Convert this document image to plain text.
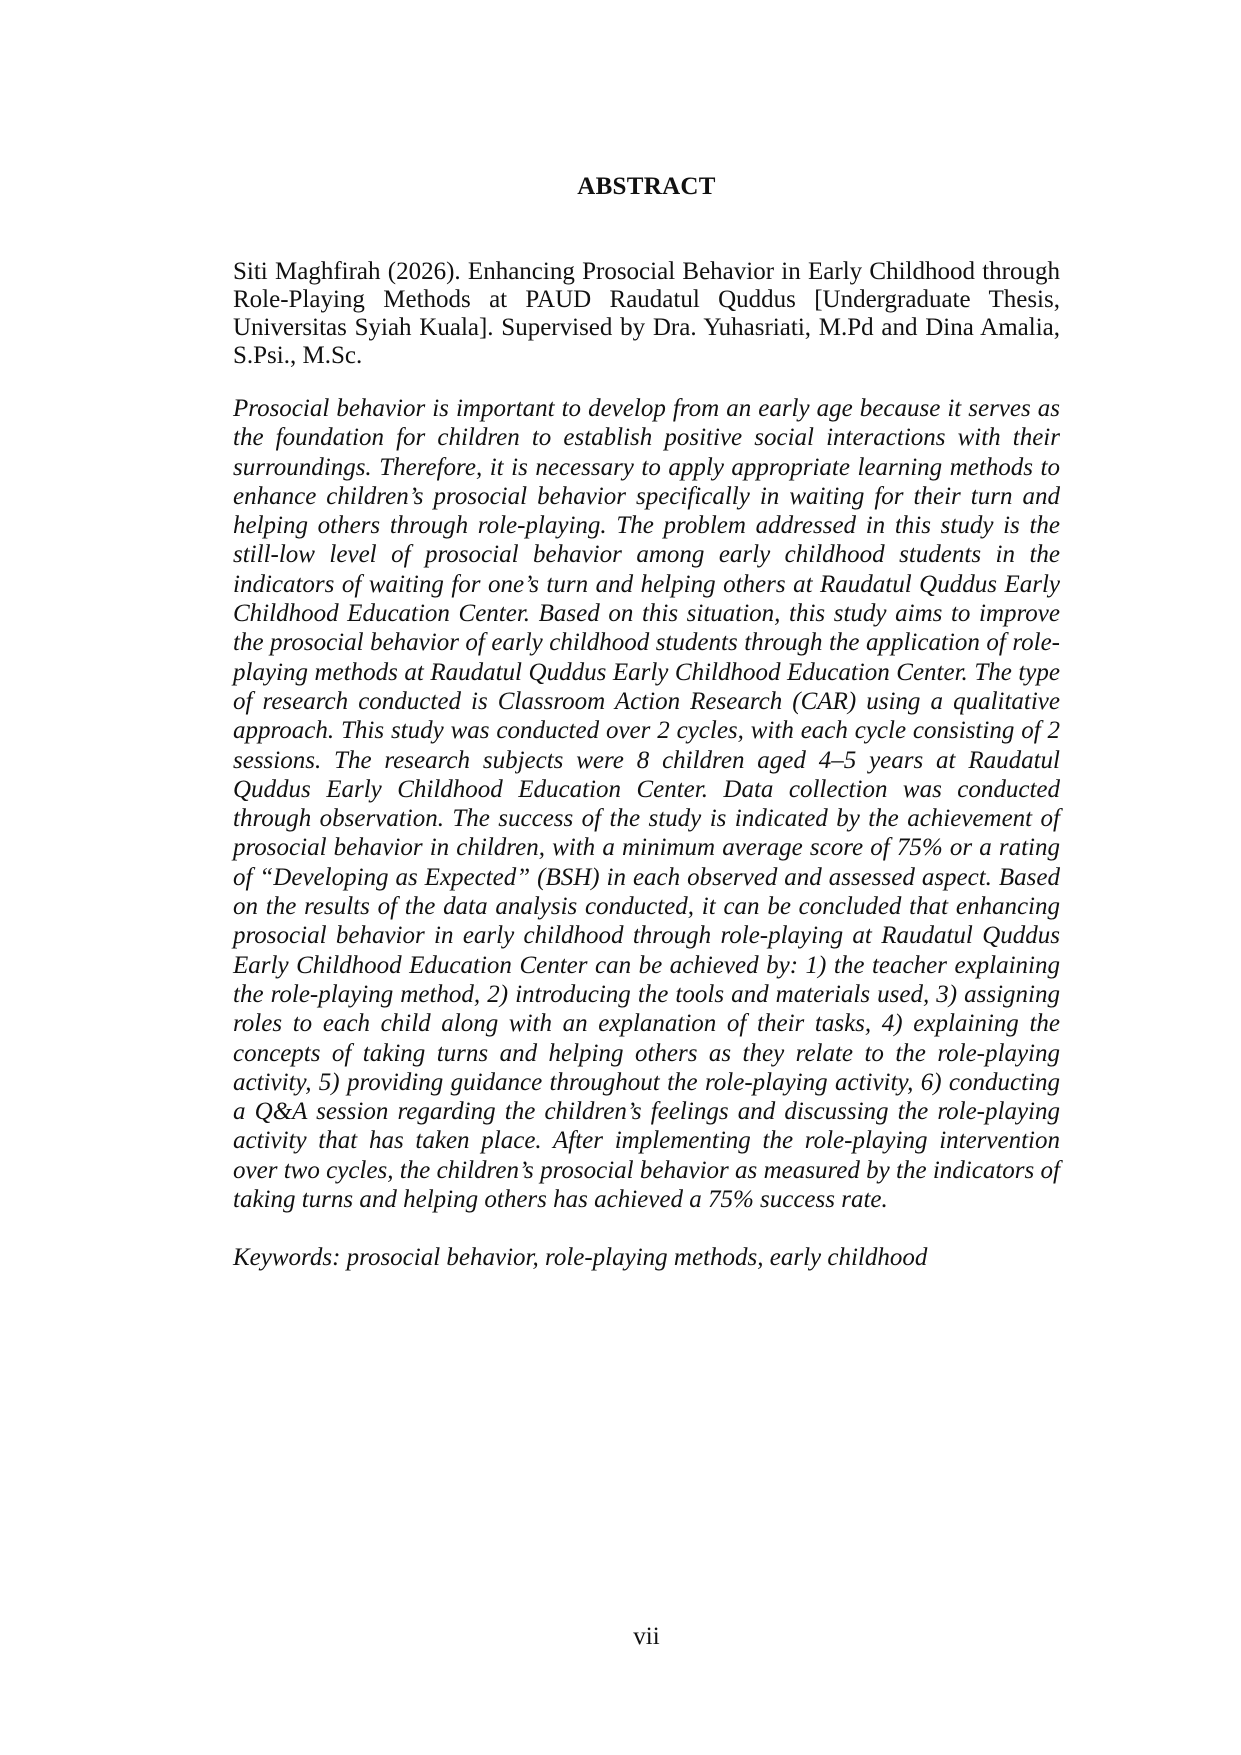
ABSTRACT

Siti Maghfirah (2026). Enhancing Prosocial Behavior in Early Childhood through Role-Playing Methods at PAUD Raudatul Quddus [Undergraduate Thesis, Universitas Syiah Kuala]. Supervised by Dra. Yuhasriati, M.Pd and Dina Amalia, S.Psi., M.Sc.

Prosocial behavior is important to develop from an early age because it serves as the foundation for children to establish positive social interactions with their surroundings. Therefore, it is necessary to apply appropriate learning methods to enhance children’s prosocial behavior specifically in waiting for their turn and helping others through role-playing. The problem addressed in this study is the still-low level of prosocial behavior among early childhood students in the indicators of waiting for one’s turn and helping others at Raudatul Quddus Early Childhood Education Center. Based on this situation, this study aims to improve the prosocial behavior of early childhood students through the application of role-playing methods at Raudatul Quddus Early Childhood Education Center. The type of research conducted is Classroom Action Research (CAR) using a qualitative approach. This study was conducted over 2 cycles, with each cycle consisting of 2 sessions. The research subjects were 8 children aged 4–5 years at Raudatul Quddus Early Childhood Education Center. Data collection was conducted through observation. The success of the study is indicated by the achievement of prosocial behavior in children, with a minimum average score of 75% or a rating of “Developing as Expected” (BSH) in each observed and assessed aspect. Based on the results of the data analysis conducted, it can be concluded that enhancing prosocial behavior in early childhood through role-playing at Raudatul Quddus Early Childhood Education Center can be achieved by: 1) the teacher explaining the role-playing method, 2) introducing the tools and materials used, 3) assigning roles to each child along with an explanation of their tasks, 4) explaining the concepts of taking turns and helping others as they relate to the role-playing activity, 5) providing guidance throughout the role-playing activity, 6) conducting a Q&A session regarding the children’s feelings and discussing the role-playing activity that has taken place. After implementing the role-playing intervention over two cycles, the children’s prosocial behavior as measured by the indicators of taking turns and helping others has achieved a 75% success rate.

Keywords: prosocial behavior, role-playing methods, early childhood

vii
